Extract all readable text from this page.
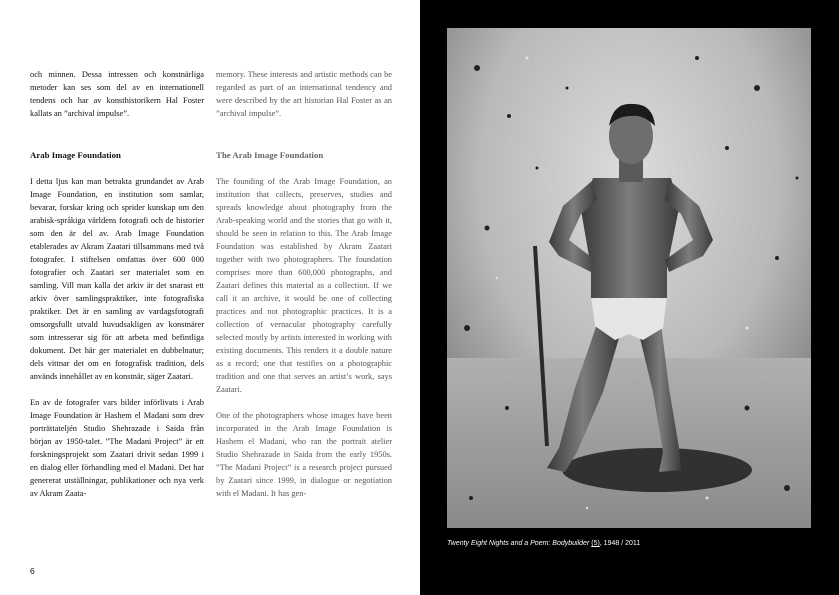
och minnen. Dessa intressen och konstnärliga metoder kan ses som del av en internationell tendens och har av konsthistorikern Hal Foster kallats an ”archival impulse”.

Arab Image Foundation

I detta ljus kan man betrakta grundandet av Arab Image Foundation, en institution som samlar, bevarar, forskar kring och sprider kunskap om den arabisk-språkiga världens fotografi och de historier som den är del av. Arab Image Foundation etablerades av Akram Zaatari tillsammans med två fotografer. I stiftelsen omfattas över 600 000 fotografier och Zaatari ser materialet som en samling. Vill man kalla det arkiv är det snarast ett arkiv över samlingspraktiker, inte fotografiska praktiker. Det är en samling av vardagsfotografi omsorgsfullt utvald huvudsakligen av konstnärer som intresserar sig för att arbeta med befintliga dokument. Det här ger materialet en dubbelnatur; dels vittnar det om en fotografisk tradition, dels används innehållet av en konstnär, säger Zaatari.

En av de fotografer vars bilder införlivats i Arab Image Foundation är Hashem el Madani som drev porträttateljén Studio Shehrazade i Saida från början av 1950-talet. ”The Madani Project” är ett forskningsprojekt som Zaatari drivit sedan 1999 i en dialog eller förhandling med el Madani. Det har genererat utställningar, publikationer och nya verk av Akram Zaata-

memory. These interests and artistic methods can be regarded as part of an international tendency and were described by the art historian Hal Foster as an ”archival impulse”.

The Arab Image Foundation

The founding of the Arab Image Foundation, an institution that collects, preserves, studies and spreads knowledge about photography from the Arab-speaking world and the stories that go with it, should be seen in relation to this. The Arab Image Foundation was established by Akram Zaatari together with two photographers. The foundation comprises more than 600,000 photographs, and Zaatari defines this material as a collection. If we call it an archive, it would be one of collecting practices and not photographic practices. It is a collection of vernacular photography carefully selected mostly by artists interested in working with existing documents. This renders it a double nature as a record; one that testifies on a photographic tradition and one that serves an artist’s work, says Zaatari.

One of the photographers whose images have been incorporated in the Arab Image Foundation is Hashem el Madani, who ran the portrait atelier Studio Shehrazade in Saida from the early 1950s. ”The Madani Project” is a research project pursued by Zaatari since 1999, in dialogue or negotiation with el Madani. It has gen-

6
Twenty Eight Nights and a Poem: Bodybuilder (5), 1948 / 2011
